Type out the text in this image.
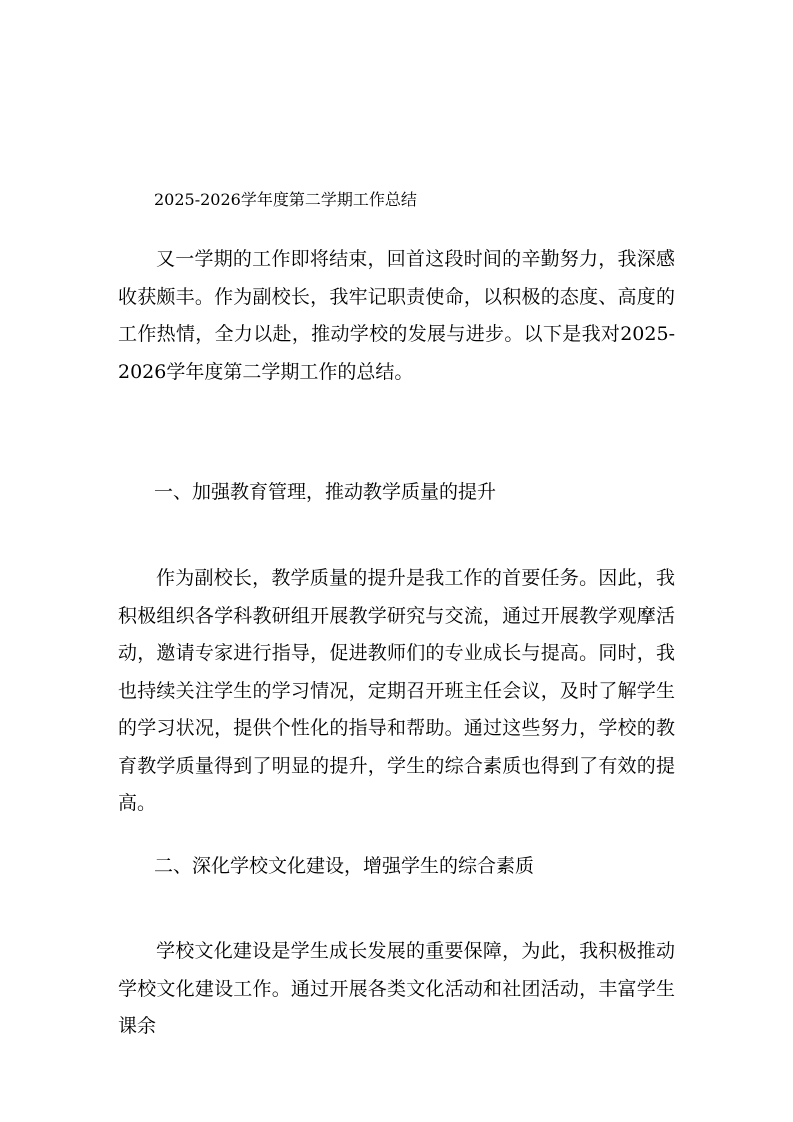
2025-2026学年度第二学期工作总结

又一学期的工作即将结束，回首这段时间的辛勤努力，我深感收获颇丰。作为副校长，我牢记职责使命，以积极的态度、高度的工作热情，全力以赴，推动学校的发展与进步。以下是我对2025-2026学年度第二学期工作的总结。

一、加强教育管理，推动教学质量的提升

作为副校长，教学质量的提升是我工作的首要任务。因此，我积极组织各学科教研组开展教学研究与交流，通过开展教学观摩活动，邀请专家进行指导，促进教师们的专业成长与提高。同时，我也持续关注学生的学习情况，定期召开班主任会议，及时了解学生的学习状况，提供个性化的指导和帮助。通过这些努力，学校的教育教学质量得到了明显的提升，学生的综合素质也得到了有效的提高。

二、深化学校文化建设，增强学生的综合素质

学校文化建设是学生成长发展的重要保障，为此，我积极推动学校文化建设工作。通过开展各类文化活动和社团活动，丰富学生课余
